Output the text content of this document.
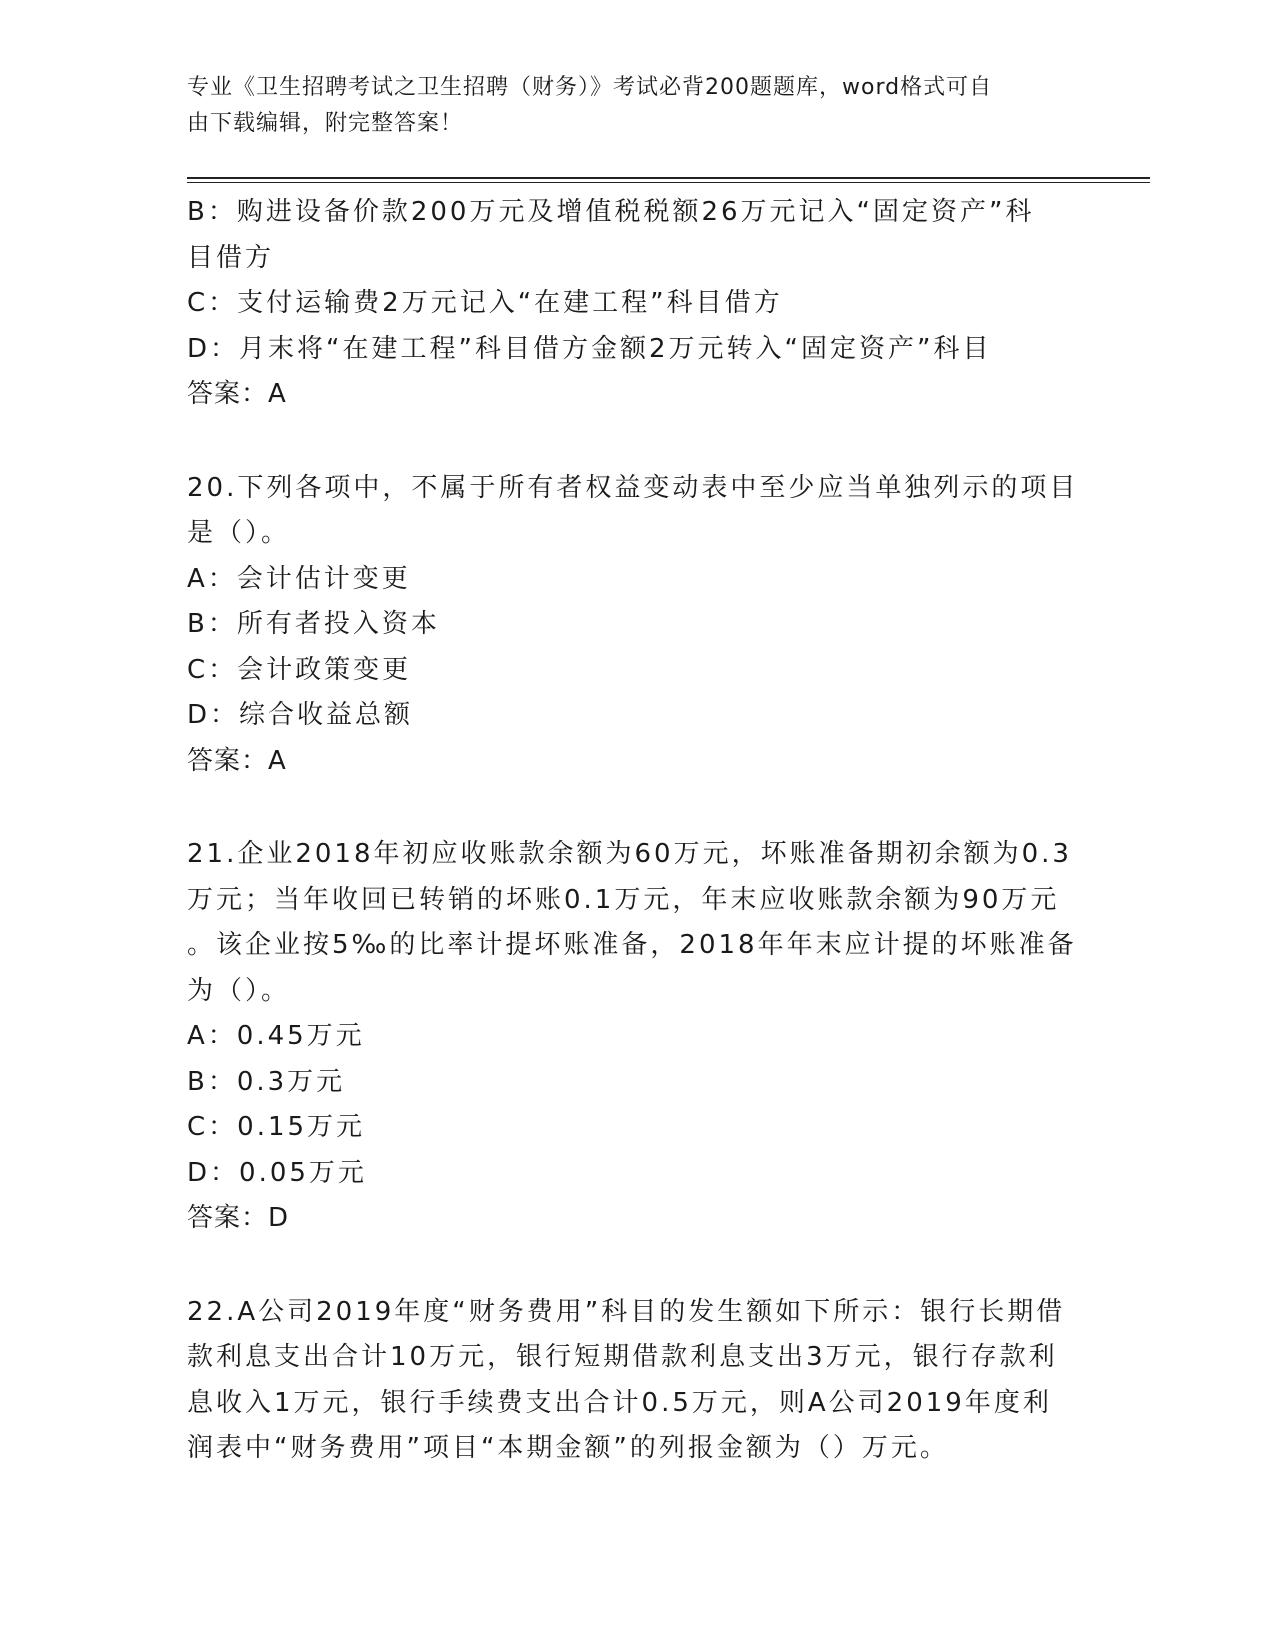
专业《卫生招聘考试之卫生招聘（财务）》考试必背200题题库，word格式可自
由下载编辑，附完整答案！
B：购进设备价款200万元及增值税税额26万元记入“固定资产”科
目借方
C：支付运输费2万元记入“在建工程”科目借方
D：月末将“在建工程”科目借方金额2万元转入“固定资产”科目
答案：A
20.下列各项中，不属于所有者权益变动表中至少应当单独列示的项目
是（）。
A：会计估计变更
B：所有者投入资本
C：会计政策变更
D：综合收益总额
答案：A
21.企业2018年初应收账款余额为60万元，坏账准备期初余额为0.3
万元；当年收回已转销的坏账0.1万元，年末应收账款余额为90万元
。该企业按5‰的比率计提坏账准备，2018年年末应计提的坏账准备
为（）。
A：0.45万元
B：0.3万元
C：0.15万元
D：0.05万元
答案：D
22.A公司2019年度“财务费用”科目的发生额如下所示：银行长期借
款利息支出合计10万元，银行短期借款利息支出3万元，银行存款利
息收入1万元，银行手续费支出合计0.5万元，则A公司2019年度利
润表中“财务费用”项目“本期金额”的列报金额为（）万元。
